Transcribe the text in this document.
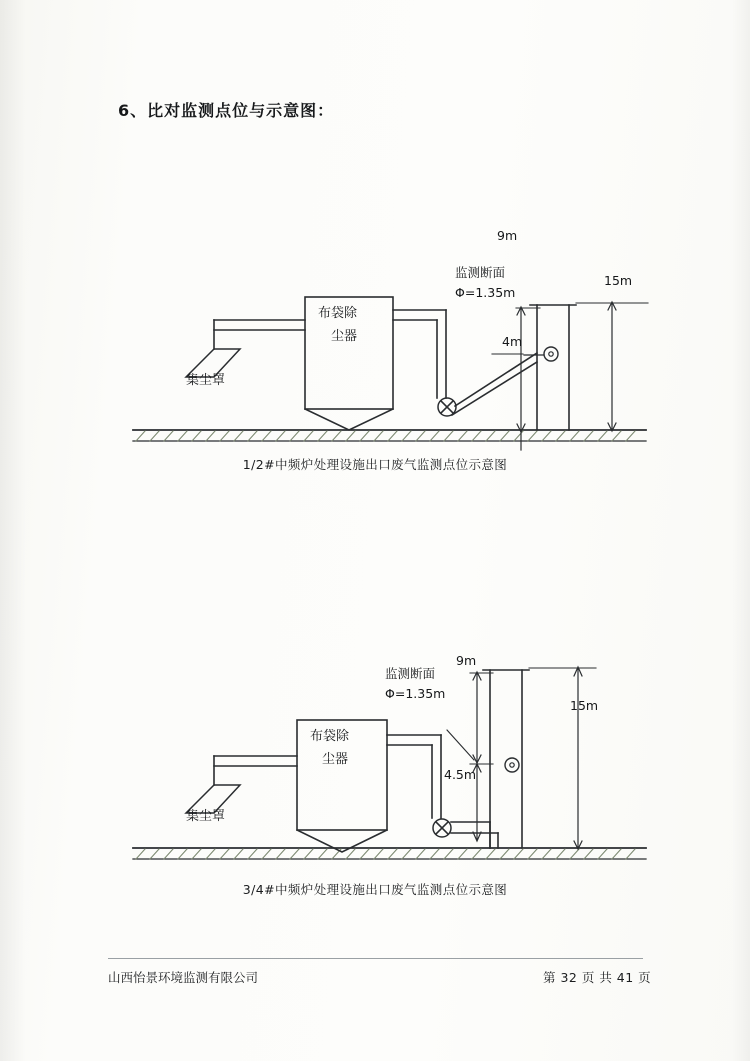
6、比对监测点位与示意图：
集尘罩
布袋除
尘器
监测断面
Φ=1.35m
9m
4m
15m
1/2#中频炉处理设施出口废气监测点位示意图
集尘罩
布袋除
尘器
监测断面
Φ=1.35m
9m
4.5m
15m
3/4#中频炉处理设施出口废气监测点位示意图
山西怡景环境监测有限公司	第 32 页 共 41 页
